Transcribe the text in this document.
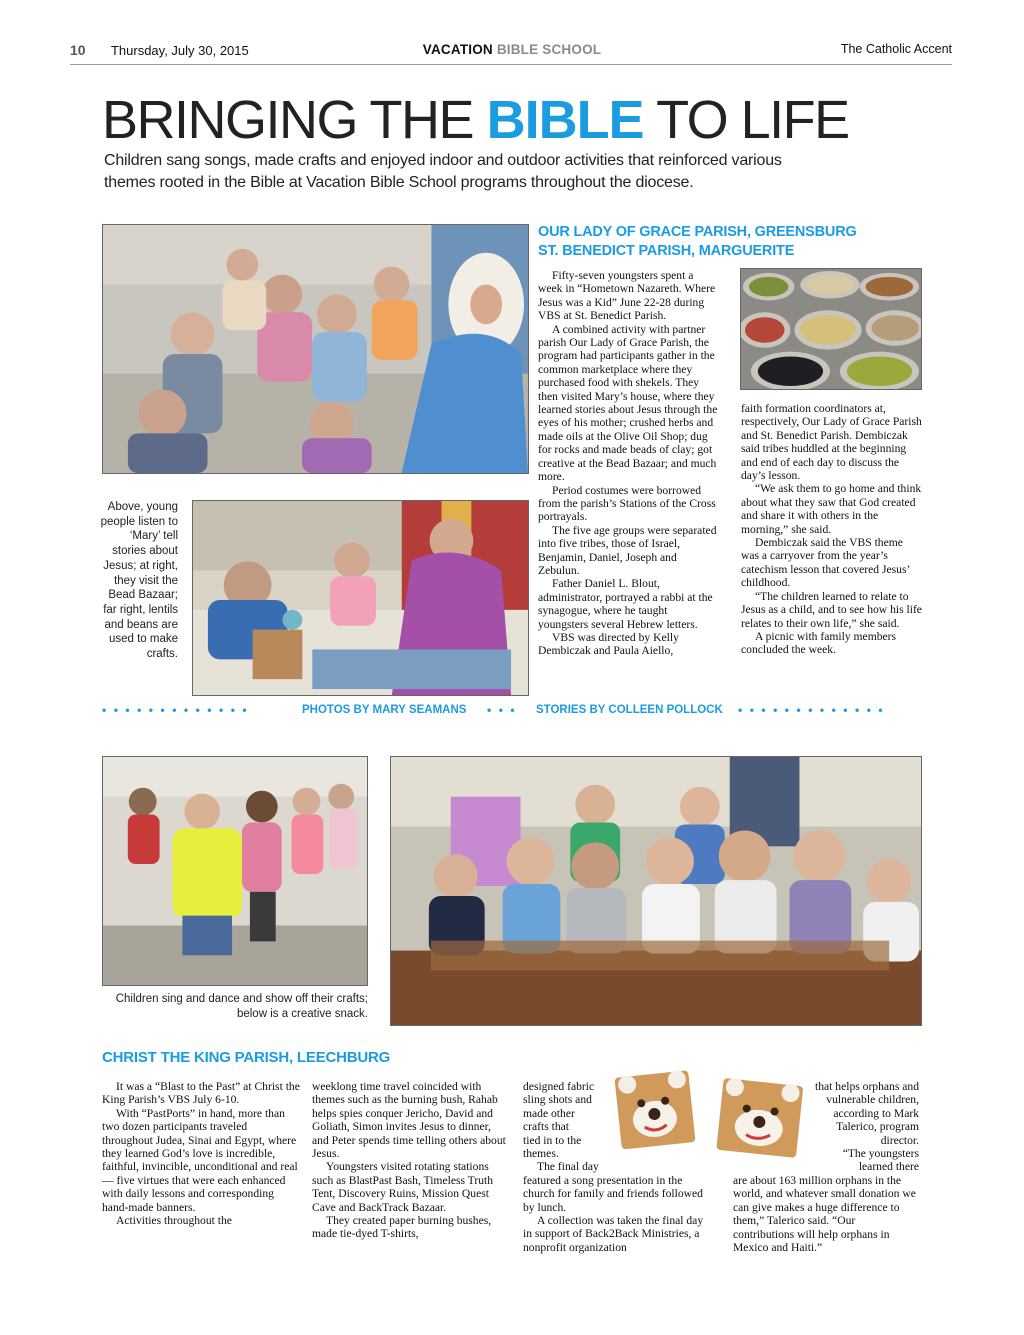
10 Thursday, July 30, 2015	VACATION BIBLE SCHOOL	The Catholic Accent
BRINGING THE BIBLE TO LIFE
Children sang songs, made crafts and enjoyed indoor and outdoor activities that reinforced various themes rooted in the Bible at Vacation Bible School programs throughout the diocese.
OUR LADY OF GRACE PARISH, GREENSBURG
ST. BENEDICT PARISH, MARGUERITE

Fifty-seven youngsters spent a week in “Hometown Nazareth. Where Jesus was a Kid” June 22-28 during VBS at St. Benedict Parish.

A combined activity with partner parish Our Lady of Grace Parish, the program had participants gather in the common marketplace where they purchased food with shekels. They then visited Mary’s house, where they learned stories about Jesus through the eyes of his mother; crushed herbs and made oils at the Olive Oil Shop; dug for rocks and made beads of clay; got creative at the Bead Bazaar; and much more.

Period costumes were borrowed from the parish’s Stations of the Cross portrayals.

The five age groups were separated into five tribes, those of Israel, Benjamin, Daniel, Joseph and Zebulun.

Father Daniel L. Blout, administrator, portrayed a rabbi at the synagogue, where he taught youngsters several Hebrew letters.

VBS was directed by Kelly Dembiczak and Paula Aiello,

faith formation coordinators at, respectively, Our Lady of Grace Parish and St. Benedict Parish. Dembiczak said tribes huddled at the beginning and end of each day to discuss the day’s lesson.

“We ask them to go home and think about what they saw that God created and share it with others in the morning,” she said.

Dembiczak said the VBS theme was a carryover from the year’s catechism lesson that covered Jesus’ childhood.

“The children learned to relate to Jesus as a child, and to see how his life relates to their own life,” she said.

A picnic with family members concluded the week.

Above, young people listen to ‘Mary’ tell stories about Jesus; at right, they visit the Bead Bazaar; far right, lentils and beans are used to make crafts.
•••••••••••••	PHOTOS BY MARY SEAMANS ••• STORIES BY COLLEEN POLLOCK •••••••••••••
Children sing and dance and show off their crafts; below is a creative snack.
CHRIST THE KING PARISH, LEECHBURG

It was a “Blast to the Past” at Christ the King Parish’s VBS July 6-10.

With “PastPorts” in hand, more than two dozen participants traveled throughout Judea, Sinai and Egypt, where they learned God’s love is incredible, faithful, invincible, unconditional and real — five virtues that were each enhanced with daily lessons and corresponding hand-made banners.

Activities throughout the

weeklong time travel coincided with themes such as the burning bush, Rahab helps spies conquer Jericho, David and Goliath, Simon invites Jesus to dinner, and Peter spends time telling others about Jesus.

Youngsters visited rotating stations such as BlastPast Bash, Timeless Truth Tent, Discovery Ruins, Mission Quest Cave and BackTrack Bazaar.

They created paper burning bushes, made tie-dyed T-shirts,

designed fabric
sling shots and
made other
crafts that
tied in to the
themes.
The final day
featured a song presentation in the church for family and friends followed by lunch.

A collection was taken the final day in support of Back2Back Ministries, a nonprofit organization

that helps orphans and
vulnerable children,
according to Mark
Talerico, program
director.
“The youngsters
learned there
are about 163 million orphans in the world, and whatever small donation we can give makes a huge difference to them,” Talerico said. “Our contributions will help orphans in Mexico and Haiti.”
